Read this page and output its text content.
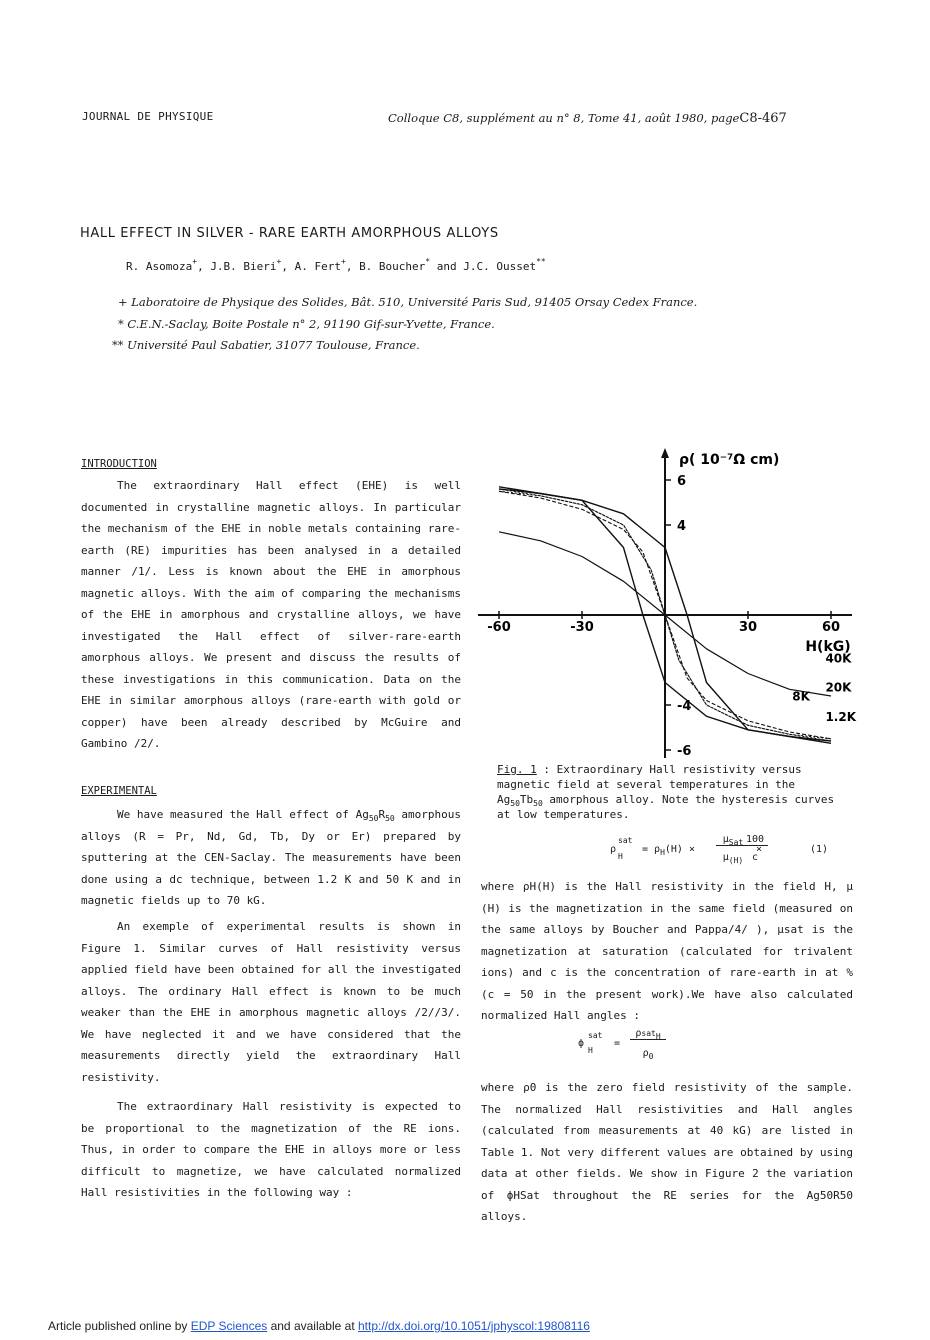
JOURNAL DE PHYSIQUE	Colloque C8, supplément au n° 8, Tome 41, août 1980, pageC8-467
HALL EFFECT IN SILVER - RARE EARTH AMORPHOUS ALLOYS
R. Asomoza+, J.B. Bieri+, A. Fert+, B. Boucher* and J.C. Ousset**
+ Laboratoire de Physique des Solides, Bât. 510, Université Paris Sud, 91405 Orsay Cedex France.
* C.E.N.-Saclay, Boite Postale n° 2, 91190 Gif-sur-Yvette, France.
** Université Paul Sabatier, 31077 Toulouse, France.
INTRODUCTION

The extraordinary Hall effect (EHE) is well documented in crystalline magnetic alloys. In particular the mechanism of the EHE in noble metals containing rare-earth (RE) impurities has been analysed in a detailed manner /1/. Less is known about the EHE in amorphous magnetic alloys. With the aim of comparing the mechanisms of the EHE in amorphous and crystalline alloys, we have investigated the Hall effect of silver-rare-earth amorphous alloys. We present and discuss the results of these investigations in this communication. Data on the EHE in similar amorphous alloys (rare-earth with gold or copper) have been already described by McGuire and Gambino /2/.

EXPERIMENTAL

We have measured the Hall effect of $Ag_{50}R_{50}$ amorphous alloys (R = Pr, Nd, Gd, Tb, Dy or Er) prepared by sputtering at the CEN-Saclay. The measurements have been done using a dc technique, between 1.2 K and 50 K and in magnetic fields up to 70 kG.

An exemple of experimental results is shown in Figure 1. Similar curves of Hall resistivity versus applied field have been obtained for all the investigated alloys. The ordinary Hall effect is known to be much weaker than the EHE in amorphous magnetic alloys /2//3/. We have neglected it and we have considered that the measurements directly yield the extraordinary Hall resistivity.

The extraordinary Hall resistivity is expected to be proportional to the magnetization of the RE ions. Thus, in order to compare the EHE in alloys more or less difficult to magnetize, we have calculated normalized Hall resistivities in the following way :

-60	-30	30	60
6
4
-4
-6
ρ( 10⁻⁷Ω cm)
H(kG)
40K
20K
8K
1.2K
Fig. 1 : Extraordinary Hall resistivity versus magnetic field at several temperatures in the $Ag_{50}Tb_{50}$ amorphous alloy. Note the hysteresis curves at low temperatures.
ρ
sat
H
= $\rho_H(H)$ ×
$\mu_{Sat}$
$\mu_{(H)}$
×
100
c
(1)

where ρH(H) is the Hall resistivity in the field H, μ (H) is the magnetization in the same field (measured on the same alloys by Boucher and Pappa/4/ ), μsat is the magnetization at saturation (calculated for trivalent ions) and c is the concentration of rare-earth in at % (c = 50 in the present work).We have also calculated normalized Hall angles :

ϕ
sat
H
=
ρsat$_H$
$\rho_0$

where ρ0 is the zero field resistivity of the sample. The normalized Hall resistivities and Hall angles (calculated from measurements at 40 kG) are listed in Table 1. Not very different values are obtained by using data at other fields. We show in Figure 2 the variation of ϕHSat throughout the RE series for the Ag50R50 alloys.

Article published online by EDP Sciences and available at http://dx.doi.org/10.1051/jphyscol:19808116
